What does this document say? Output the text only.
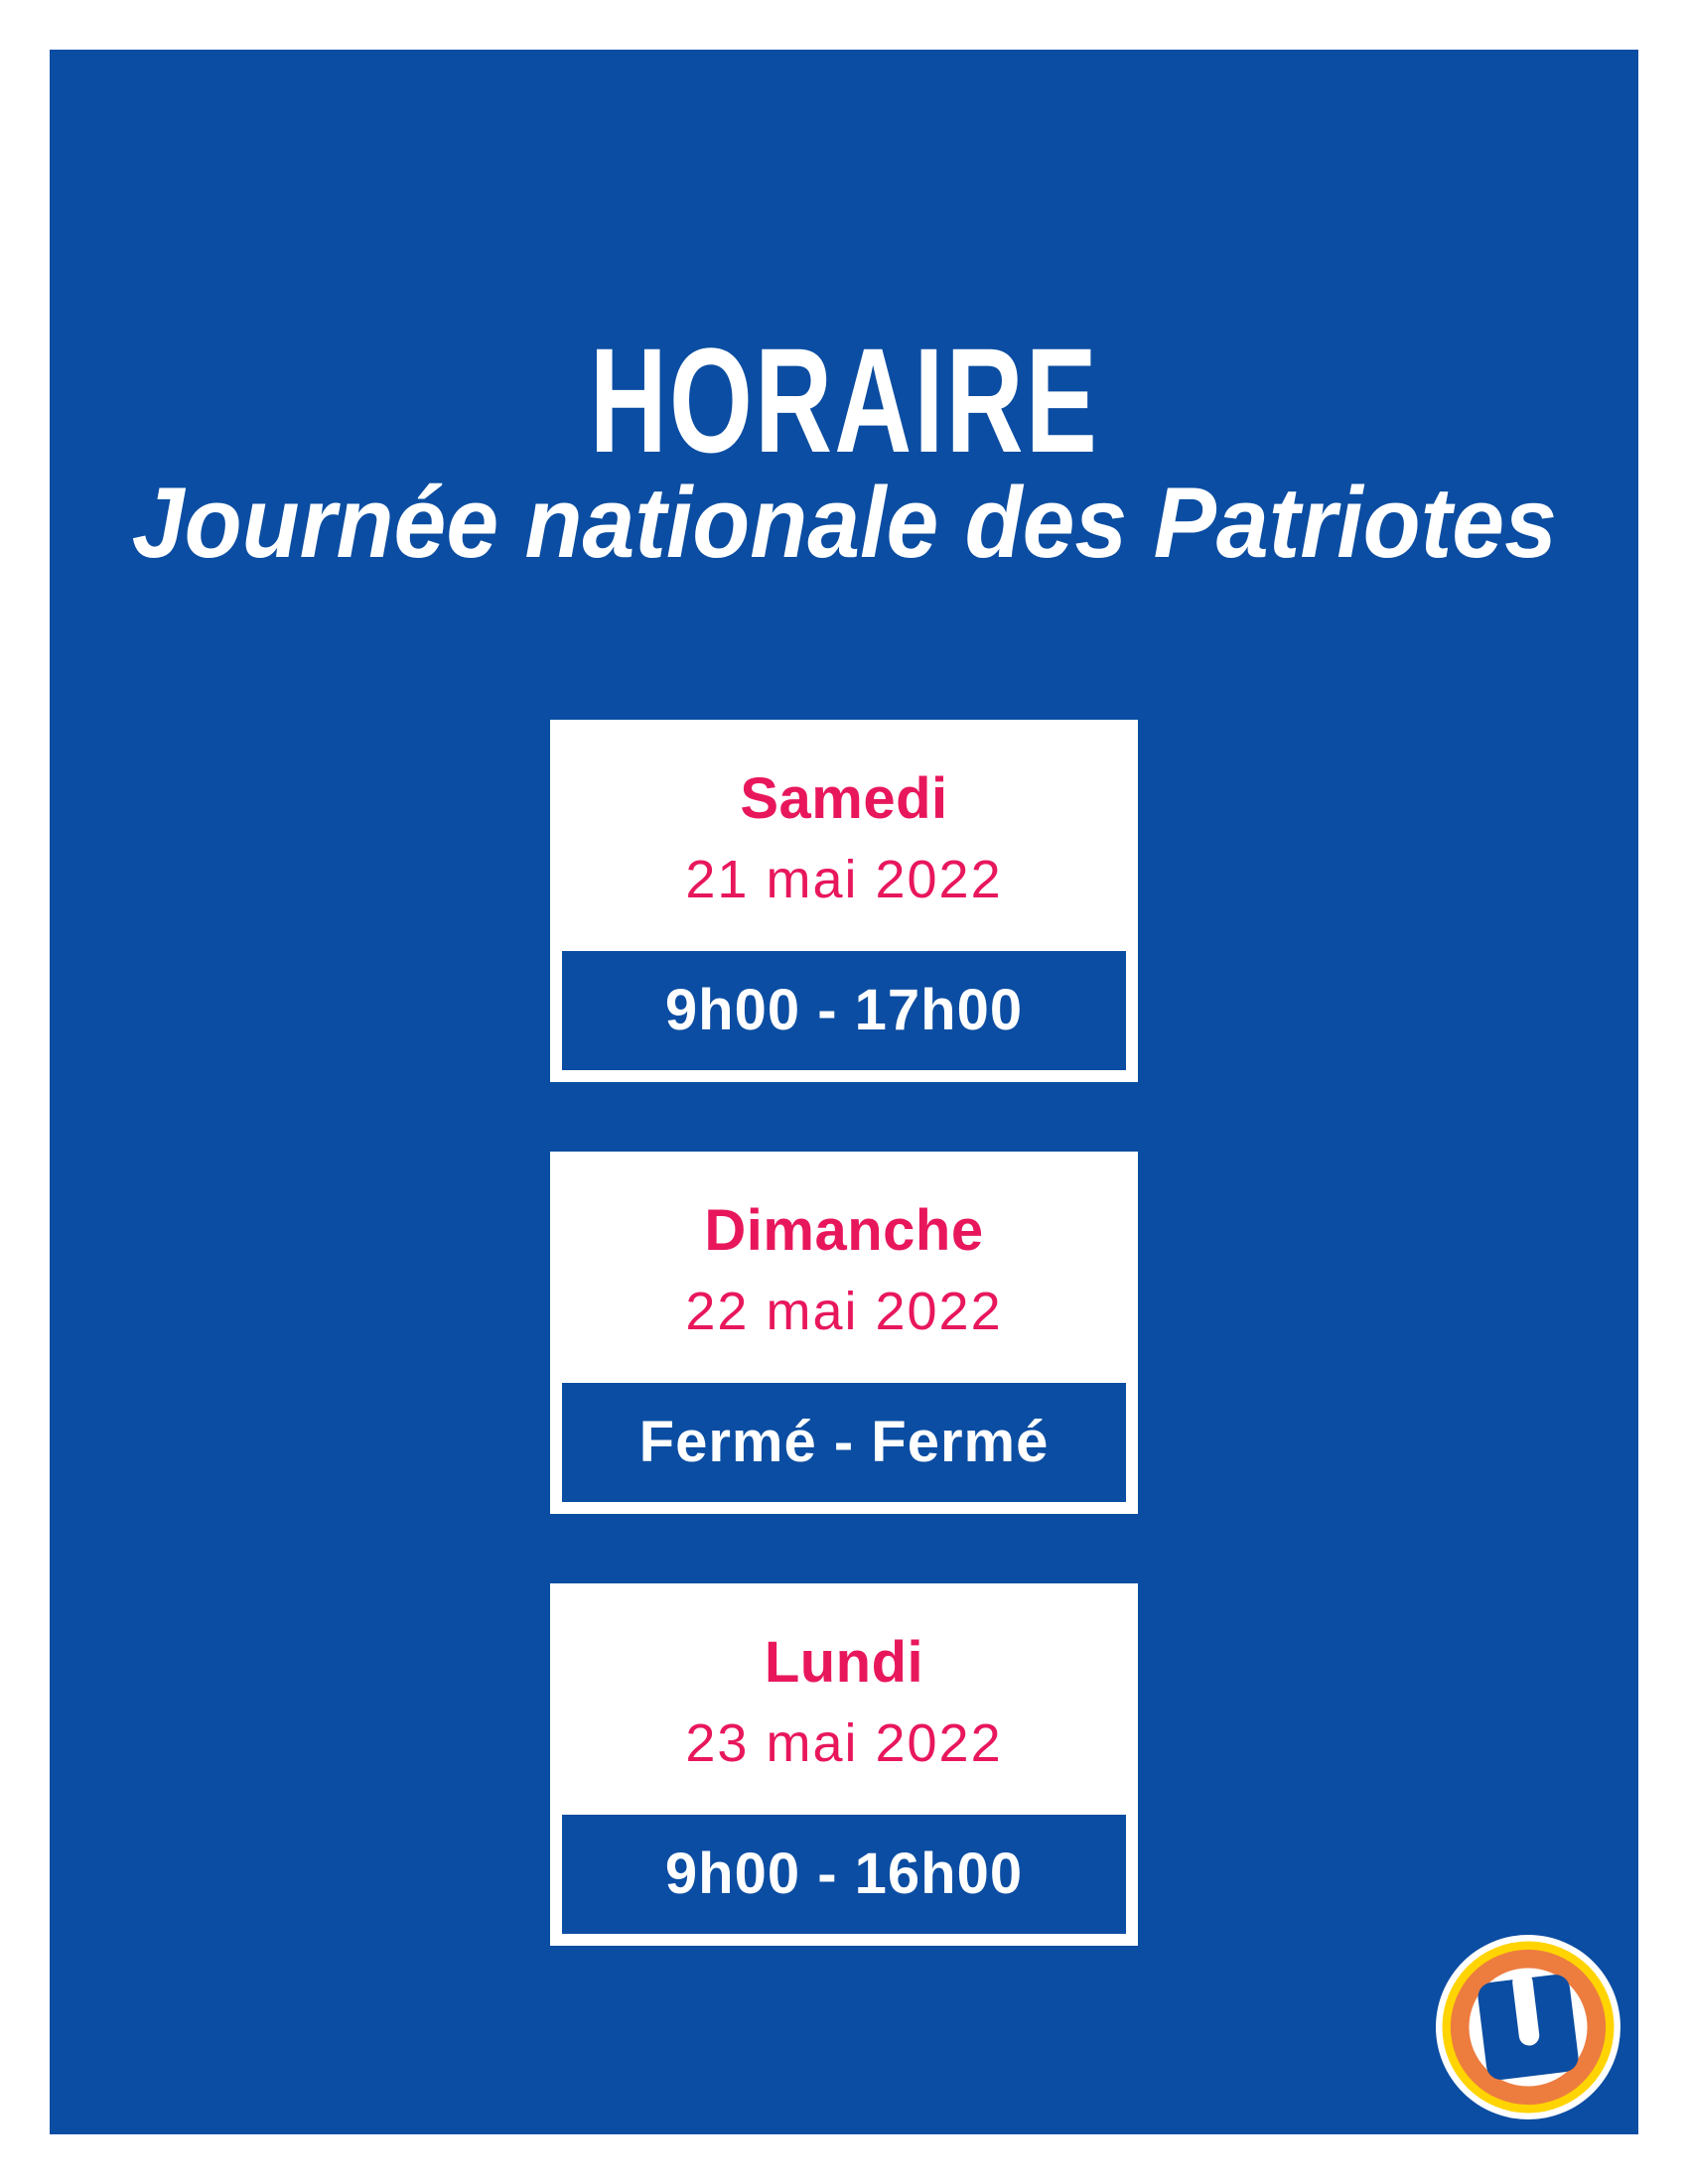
HORAIRE
Journée nationale des Patriotes
Samedi
21 mai 2022
9h00 - 17h00
Dimanche
22 mai 2022
Fermé - Fermé
Lundi
23 mai 2022
9h00 - 16h00
